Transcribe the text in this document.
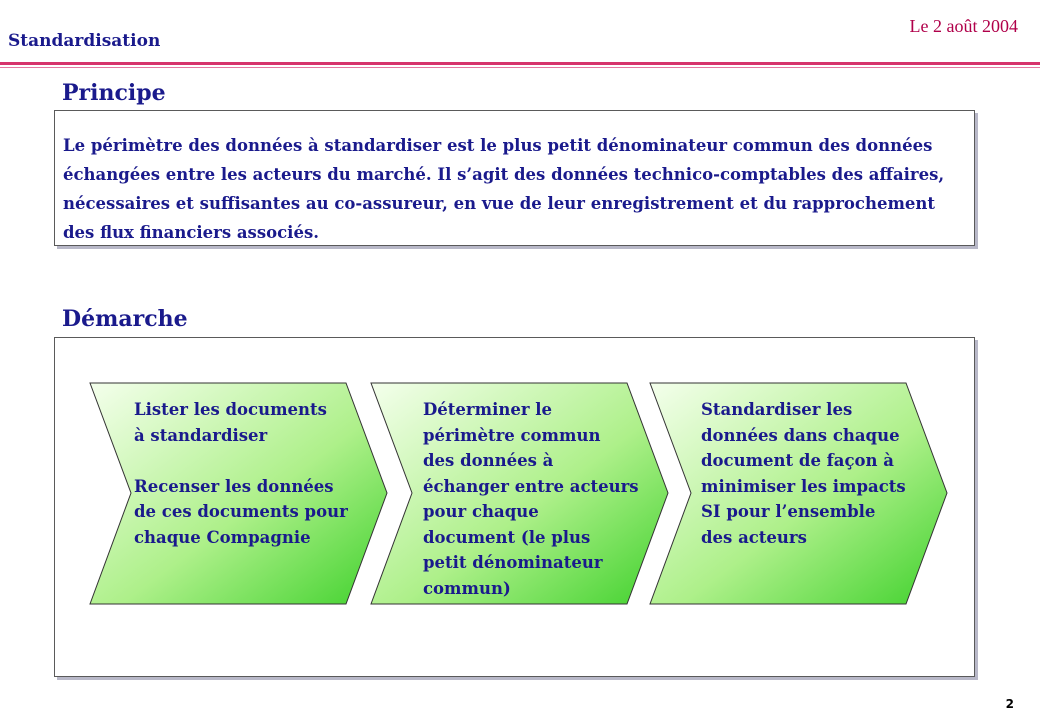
Standardisation
Le 2 août 2004
Principe
Le périmètre des données à standardiser est le plus petit dénominateur commun des données échangées entre les acteurs du marché. Il s’agit des données technico-comptables des affaires, nécessaires et suffisantes au co-assureur, en vue de leur enregistrement et du rapprochement des flux financiers associés.
Démarche
Lister les documents
à standardiser
Recenser les données
de ces documents pour
chaque Compagnie
Déterminer le
périmètre commun
des données à
échanger entre acteurs
pour chaque
document (le plus
petit dénominateur
commun)
Standardiser les
données dans chaque
document de façon à
minimiser les impacts
SI pour l’ensemble
des acteurs
2
